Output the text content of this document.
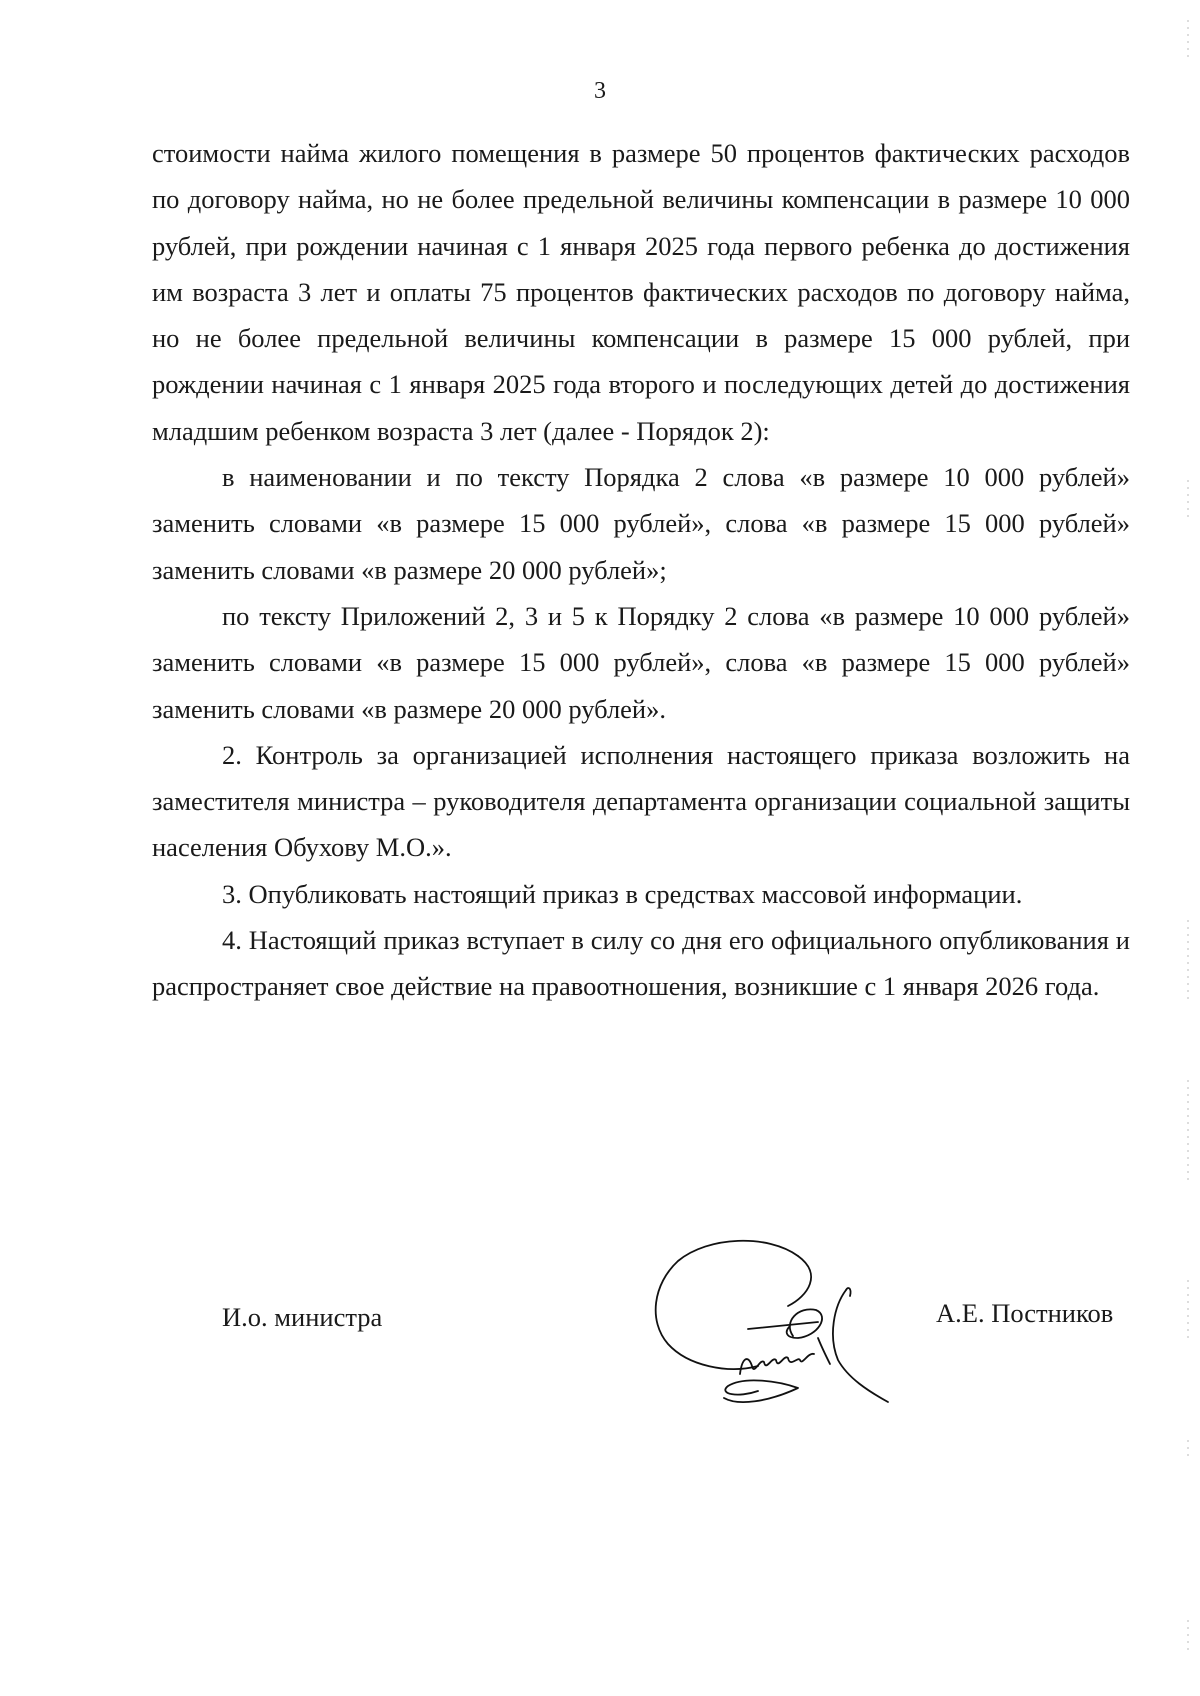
3

стоимости найма жилого помещения в размере 50 процентов фактических расходов по договору найма, но не более предельной величины компенсации в размере 10 000 рублей, при рождении начиная с 1 января 2025 года первого ребенка до достижения им возраста 3 лет и оплаты 75 процентов фактических расходов по договору найма, но не более предельной величины компенсации в размере 15 000 рублей, при рождении начиная с 1 января 2025 года второго и последующих детей до достижения младшим ребенком возраста 3 лет (далее - Порядок 2):

в наименовании и по тексту Порядка 2 слова «в размере 10 000 рублей» заменить словами «в размере 15 000 рублей», слова «в размере 15 000 рублей» заменить словами «в размере 20 000 рублей»;

по тексту Приложений 2, 3 и 5 к Порядку 2 слова «в размере 10 000 рублей» заменить словами «в размере 15 000 рублей», слова «в размере 15 000 рублей» заменить словами «в размере 20 000 рублей».

2. Контроль за организацией исполнения настоящего приказа возложить на заместителя министра – руководителя департамента организации социальной защиты населения Обухову М.О.».

3. Опубликовать настоящий приказ в средствах массовой информации.

4. Настоящий приказ вступает в силу со дня его официального опубликования и распространяет свое действие на правоотношения, возникшие с 1 января 2026 года.

И.о. министра	А.Е. Постников
